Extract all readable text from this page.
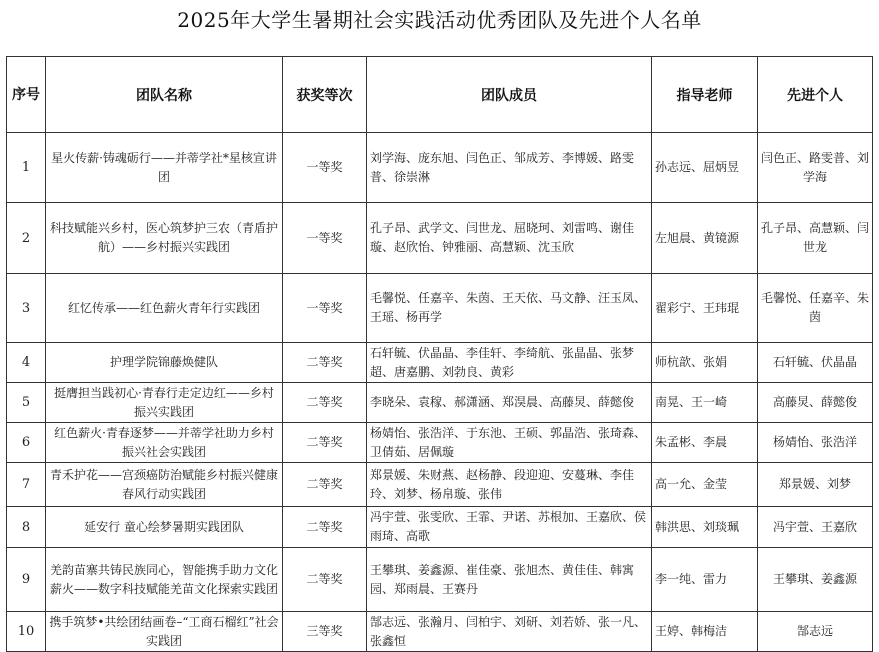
2025年大学生暑期社会实践活动优秀团队及先进个人名单
序号	团队名称	获奖等次	团队成员	指导老师	先进个人
1	星火传薪·铸魂砺行——并蒂学社*星核宣讲团	一等奖	刘学海、庞东旭、闫色正、邹成芳、李博媛、路雯普、徐崇淋	孙志远、屈炳昱	闫色正、路雯普、刘学海
2	科技赋能兴乡村，医心筑梦护三农（青盾护航）——乡村振兴实践团	一等奖	孔子昂、武学文、闫世龙、屈晓珂、刘雷鸣、谢佳璇、赵欣怡、钟雅丽、高慧颖、沈玉欣	左旭晨、黄镜源	孔子昂、高慧颖、闫世龙
3	红忆传承——红色薪火青年行实践团	一等奖	毛馨悦、任嘉辛、朱茵、王天依、马文静、汪玉凤、王瑶、杨再学	翟彩宁、王玮琨	毛馨悦、任嘉辛、朱茵
4	护理学院锦藤焕健队	二等奖	石轩毓、伏晶晶、李佳轩、李绮航、张晶晶、张梦超、唐嘉鹏、刘勃良、黄彩	师杭歆、张娟	石轩毓、伏晶晶
5	挺膺担当践初心·青春行走定边红——乡村振兴实践团	二等奖	李晓朵、袁稼、郝潇涵、郑淏晨、高藤炅、薛懿俊	南晃、王一崎	高藤炅、薛懿俊
6	红色薪火·青春逐梦——并蒂学社助力乡村振兴社会实践团	二等奖	杨婧怡、张浩洋、于东池、王硕、郭晶浩、张琦森、卫倩茹、居佩璇	朱孟彬、李晨	杨婧怡、张浩洋
7	青禾护花——宫颈癌防治赋能乡村振兴健康春风行动实践团	二等奖	郑景媛、朱财燕、赵杨静、段迎迎、安蔓琳、李佳玲、刘梦、杨帛璇、张伟	高一允、金莹	郑景媛、刘梦
8	延安行 童心绘梦暑期实践团队	二等奖	冯宇萱、张雯欣、王霏、尹诺、苏根加、王嘉欣、侯雨琦、高歌	韩洪思、刘琰珮	冯宇萱、王嘉欣
9	羌韵苗寨共铸民族同心，智能携手助力文化薪火——数字科技赋能羌苗文化探索实践团	二等奖	王攀琪、姜鑫源、崔佳豪、张旭杰、黄佳佳、韩寓园、郑雨晨、王赛丹	李一纯、雷力	王攀琪、姜鑫源
10	携手筑梦•共绘团结画卷–“工商石榴红”社会实践团	三等奖	郜志远、张瀚月、闫柏宇、刘研、刘若娇、张一凡、张鑫恒	王婷、韩梅洁	郜志远
